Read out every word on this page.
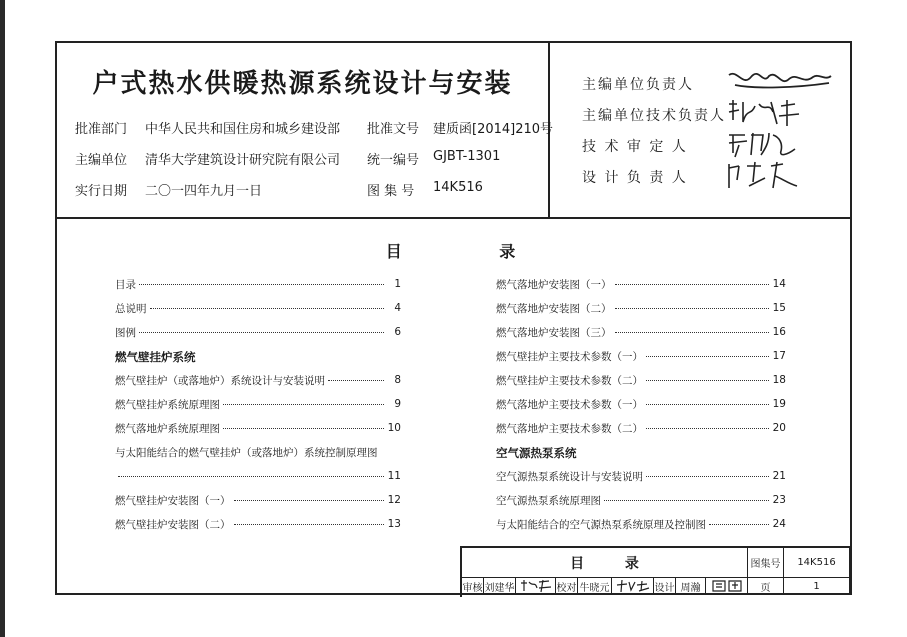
户式热水供暖热源系统设计与安装
批准部门 中华人民共和国住房和城乡建设部 批准文号 建质函[2014]210号
主编单位 清华大学建筑设计研究院有限公司 统一编号 GJBT-1301
实行日期 二〇一四年九月一日	图 集 号 14K516
主编单位负责人
主编单位技术负责人
技 术 审 定 人
设 计 负 责 人
目 录
目录	1
总说明	4
图例	6
燃气壁挂炉系统
燃气壁挂炉（或落地炉）系统设计与安装说明	8
燃气壁挂炉系统原理图	9
燃气落地炉系统原理图	10
与太阳能结合的燃气壁挂炉（或落地炉）系统控制原理图
11
燃气壁挂炉安装图（一）	12
燃气壁挂炉安装图（二）	13
燃气落地炉安装图（一）	14
燃气落地炉安装图（二）	15
燃气落地炉安装图（三）	16
燃气壁挂炉主要技术参数（一）	17
燃气壁挂炉主要技术参数（二）	18
燃气落地炉主要技术参数（一）	19
燃气落地炉主要技术参数（二）	20
空气源热泵系统
空气源热泵系统设计与安装说明	21
空气源热泵系统原理图	23
与太阳能结合的空气源热泵系统原理及控制图	24
目 录	图集号	14K516
审核 刘建华	校对 牛晓元	设计 周瀚	页	1
